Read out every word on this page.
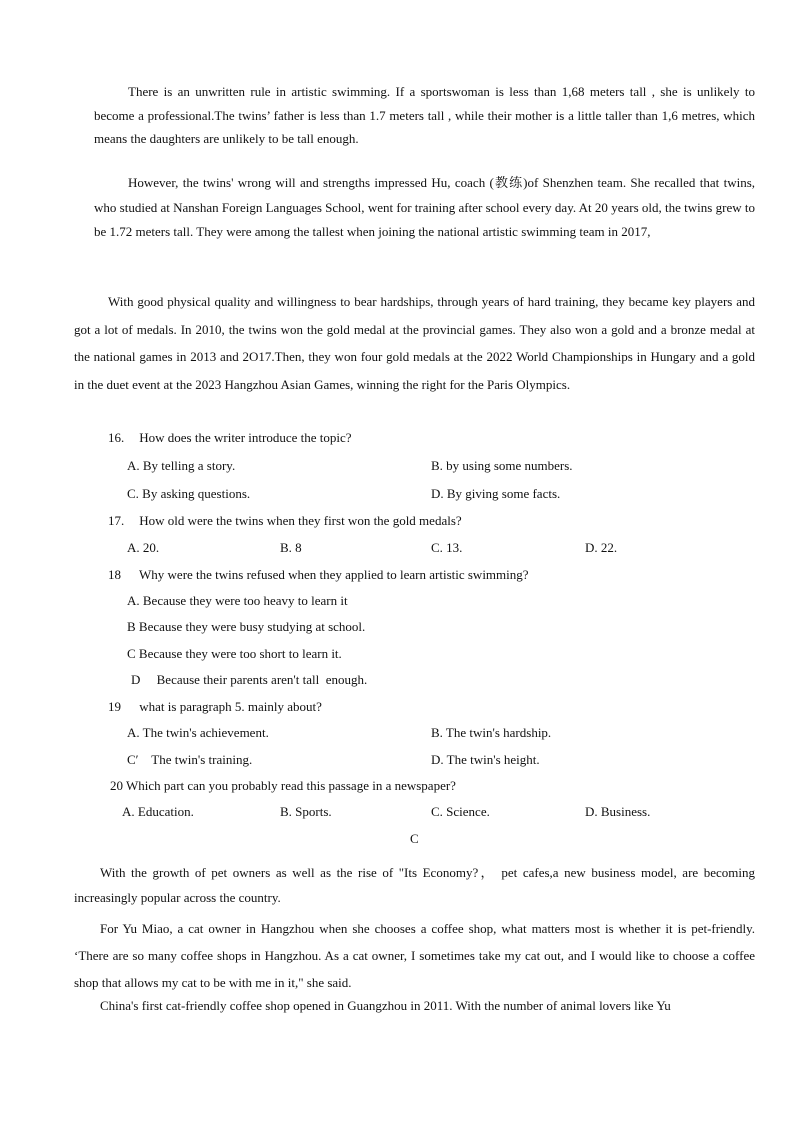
There is an unwritten rule in artistic swimming. If a sportswoman is less than 1,68 meters tall , she is unlikely to become a professional.The twins’ father is less than 1.7 meters tall , while their mother is a little taller than 1,6 metres, which means the daughters are unlikely to be tall enough.
However, the twins' wrong will and strengths impressed Hu, coach (教练)of Shenzhen team. She recalled that twins, who studied at Nanshan Foreign Languages School, went for training after school every day. At 20 years old, the twins grew to be 1.72 meters tall. They were among the tallest when joining the national artistic swimming team in 2017,
With good physical quality and willingness to bear hardships, through years of hard training, they became key players and got a lot of medals. In 2010, the twins won the gold medal at the provincial games. They also won a gold and a bronze medal at the national games in 2013 and 2O17.Then, they won four gold medals at the 2022 World Championships in Hungary and a gold in the duet event at the 2023 Hangzhou Asian Games, winning the right for the Paris Olympics.
16. How does the writer introduce the topic?
A. By telling a story.	B. by using some numbers.
C. By asking questions.	D. By giving some facts.
17. How old were the twins when they first won the gold medals?
A. 20.	B. 8	C. 13.	D. 22.
18 Why were the twins refused when they applied to learn artistic swimming?
A. Because they were too heavy to learn it
B Because they were busy studying at school.
C Because they were too short to learn it.
D     Because their parents aren't tall  enough.
19 what is paragraph 5. mainly about?
A. The twin's achievement.	B. The twin's hardship.
C′    The twin's training.	D. The twin's height.
20 Which part can you probably read this passage in a newspaper?
A. Education.	B. Sports.	C. Science.	D. Business.
C
With the growth of pet owners as well as the rise of "Its Economy?， pet cafes,a new business model, are becoming increasingly popular across the country.
For Yu Miao, a cat owner in Hangzhou when she chooses a coffee shop, what matters most is whether it is pet-friendly. ‘There are so many coffee shops in Hangzhou. As a cat owner, I sometimes take my cat out, and I would like to choose a coffee shop that allows my cat to be with me in it," she said.
China's first cat-friendly coffee shop opened in Guangzhou in 2011. With the number of animal lovers like Yu
